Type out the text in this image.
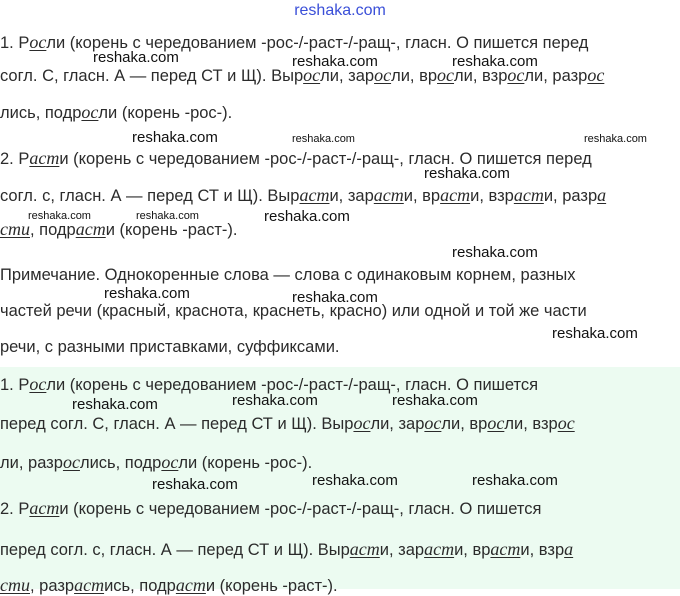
reshaka.com
1. Росли (корень с чередованием -рос-/-раст-/-ращ-, гласн. О пишется перед
согл. С, гласн. А — перед СТ и Щ). Выросли, заросли, вросли, взросли, разрос
лись, подросли (корень -рос-).
2. Расти (корень с чередованием -рос-/-раст-/-ращ-, гласн. О пишется перед
согл. с, гласн. А — перед СТ и Щ). Вырасти, зарасти, врасти, взрасти, разра
сти, подрасти (корень -раст-).
Примечание. Однокоренные слова — слова с одинаковым корнем, разных
частей речи (красный, краснота, краснеть, красно) или одной и той же части
речи, с разными приставками, суффиксами.
reshaka.com	reshaka.com	reshaka.com
reshaka.com	reshaka.com	reshaka.com
reshaka.com
reshaka.com	reshaka.com	reshaka.com
reshaka.com
reshaka.com	reshaka.com
reshaka.com
1. Росли (корень с чередованием -рос-/-раст-/-ращ-, гласн. О пишется
перед согл. С, гласн. А — перед СТ и Щ). Выросли, заросли, вросли, взрос
ли, разрослись, подросли (корень -рос-).
2. Расти (корень с чередованием -рос-/-раст-/-ращ-, гласн. О пишется
перед согл. с, гласн. А — перед СТ и Щ). Вырасти, зарасти, врасти, взра
сти, разрастись, подрасти (корень -раст-).
reshaka.com	reshaka.com	reshaka.com
reshaka.com	reshaka.com	reshaka.com
